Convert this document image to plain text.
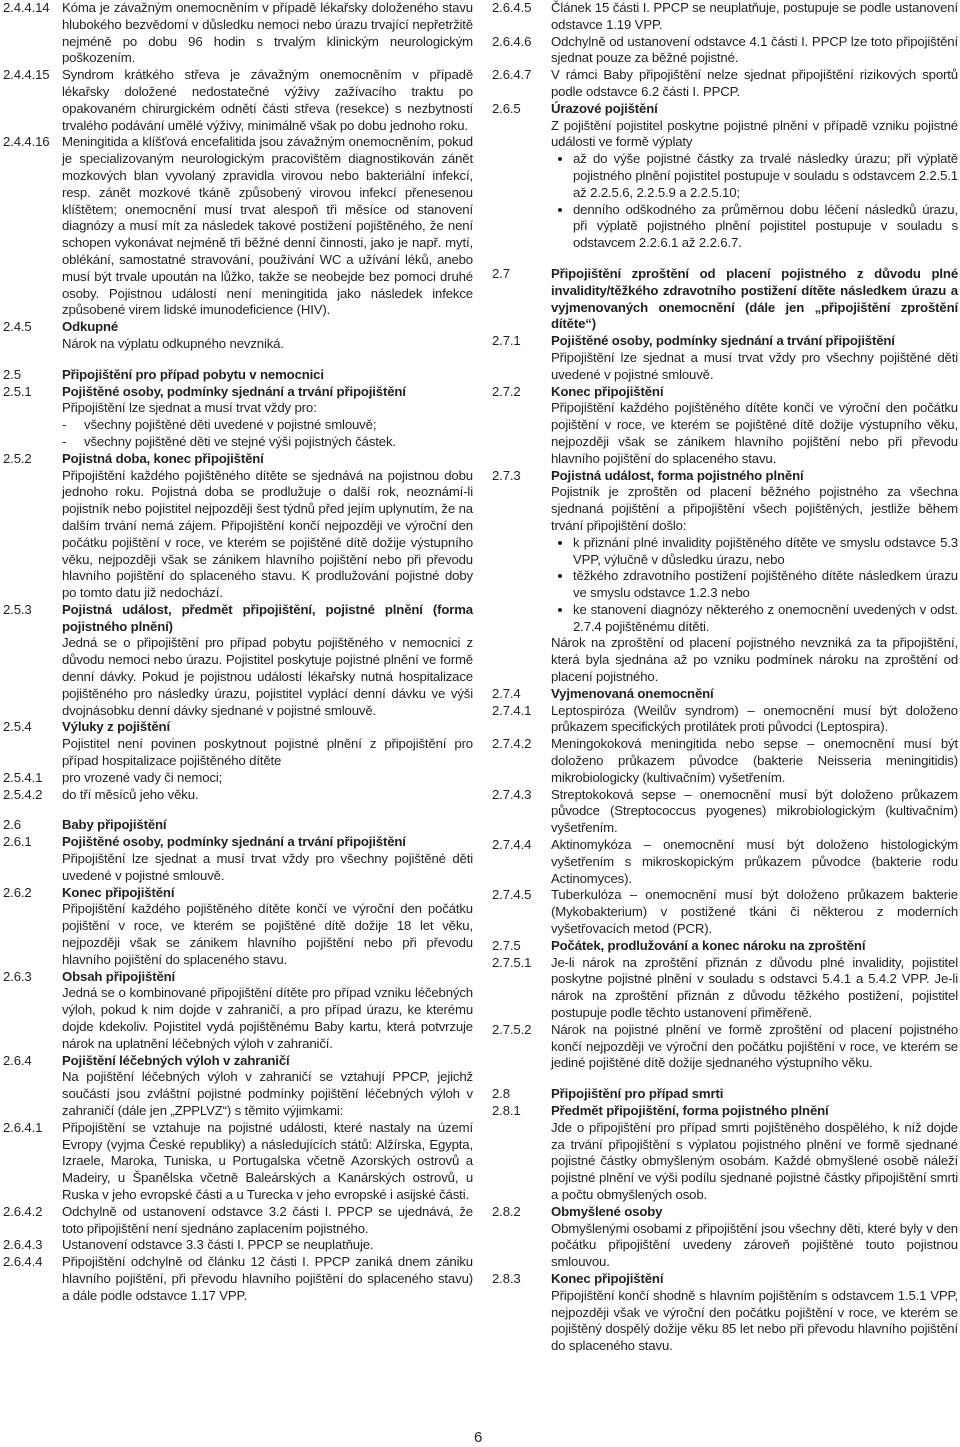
2.4.4.14 Kóma je závažným onemocněním v případě lékařsky doloženého stavu hlubokého bezvědomí v důsledku nemoci nebo úrazu trvající nepřetržitě nejméně po dobu 96 hodin s trvalým klinickým neurologickým poškozením.
2.4.4.15 Syndrom krátkého střeva je závažným onemocněním v případě lékařsky doložené nedostatečné výživy zažívacího traktu po opakovaném chirurgickém odnětí části střeva (resekce) s nezbytností trvalého podávání umělé výživy, minimálně však po dobu jednoho roku.
2.4.4.16 Meningitida a klíšťová encefalitida jsou závažným onemocněním, pokud je specializovaným neurologickým pracovištěm diagnostikován zánět mozkových blan vyvolaný zpravidla virovou nebo bakteriální infekcí, resp. zánět mozkové tkáně způsobený virovou infekcí přenesenou klíštětem; onemocnění musí trvat alespoň tři měsíce od stanovení diagnózy a musí mít za následek takové postižení pojištěného, že není schopen vykonávat nejméně tři běžné denní činnosti, jako je např. mytí, oblékání, samostatné stravování, používání WC a užívání léků, anebo musí být trvale upoután na lůžko, takže se neobejde bez pomoci druhé osoby. Pojistnou událostí není meningitida jako následek infekce způsobené virem lidské imunodeficience (HIV).
2.4.5	Odkupné
Nárok na výplatu odkupného nevzniká.
2.5	Připojištění pro případ pobytu v nemocnici
2.5.1	Pojištěné osoby, podmínky sjednání a trvání připojištění
Připojištění lze sjednat a musí trvat vždy pro:
- všechny pojištěné děti uvedené v pojistné smlouvě;
- všechny pojištěné děti ve stejné výši pojistných částek.
2.5.2	Pojistná doba, konec připojištění
Připojištění každého pojištěného dítěte se sjednává na pojistnou dobu jednoho roku. Pojistná doba se prodlužuje o další rok, neoznámí-li pojistník nebo pojistitel nejpozději šest týdnů před jejím uplynutím, že na dalším trvání nemá zájem. Připojištění končí nejpozději ve výroční den počátku pojištění v roce, ve kterém se pojištěné dítě dožije výstupního věku, nejpozději však se zánikem hlavního pojištění nebo při převodu hlavního pojištění do splaceného stavu. K prodlužování pojistné doby po tomto datu již nedochází.
2.5.3	Pojistná událost, předmět připojištění, pojistné plnění (forma pojistného plnění)
Jedná se o připojištění pro případ pobytu pojištěného v nemocnici z důvodu nemoci nebo úrazu. Pojistitel poskytuje pojistné plnění ve formě denní dávky. Pokud je pojistnou událostí lékařsky nutná hospitalizace pojištěného pro následky úrazu, pojistitel vyplácí denní dávku ve výši dvojnásobku denní dávky sjednané v pojistné smlouvě.
2.5.4	Výluky z pojištění
Pojistitel není povinen poskytnout pojistné plnění z připojištění pro případ hospitalizace pojištěného dítěte
2.5.4.1	pro vrozené vady či nemoci;
2.5.4.2	do tří měsíců jeho věku.
2.6	Baby připojištění
2.6.1	Pojištěné osoby, podmínky sjednání a trvání připojištění
Připojištění lze sjednat a musí trvat vždy pro všechny pojištěné děti uvedené v pojistné smlouvě.
2.6.2	Konec připojištění
Připojištění každého pojištěného dítěte končí ve výroční den počátku pojištění v roce, ve kterém se pojištěné dítě dožije 18 let věku, nejpozději však se zánikem hlavního pojištění nebo při převodu hlavního pojištění do splaceného stavu.
2.6.3	Obsah připojištění
Jedná se o kombinované připojištění dítěte pro případ vzniku léčebných výloh, pokud k nim dojde v zahraničí, a pro případ úrazu, ke kterému dojde kdekoliv. Pojistitel vydá pojištěnému Baby kartu, která potvrzuje nárok na uplatnění léčebných výloh v zahraničí.
2.6.4	Pojištění léčebných výloh v zahraničí
Na pojištění léčebných výloh v zahraničí se vztahují PPCP, jejichž součástí jsou zvláštní pojistné podmínky pojištění léčebných výloh v zahraničí (dále jen „ZPPLVZ“) s těmito výjimkami:
2.6.4.1	Připojištění se vztahuje na pojistné události, které nastaly na území Evropy (vyjma České republiky) a následujících států: Alžírska, Egypta, Izraele, Maroka, Tuniska, u Portugalska včetně Azorských ostrovů a Madeiry, u Španělska včetně Baleárských a Kanárských ostrovů, u Ruska v jeho evropské části a u Turecka v jeho evropské i asijské části.
2.6.4.2	Odchylně od ustanovení odstavce 3.2 části I. PPCP se ujednává, že toto připojištění není sjednáno zaplacením pojistného.
2.6.4.3	Ustanovení odstavce 3.3 části I. PPCP se neuplatňuje.
2.6.4.4	Připojištění odchylně od článku 12 části I. PPCP zaniká dnem zániku hlavního pojištění, při převodu hlavního pojištění do splaceného stavu) a dále podle odstavce 1.17 VPP.
2.6.4.5	Článek 15 části I. PPCP se neuplatňuje, postupuje se podle ustanovení odstavce 1.19 VPP.
2.6.4.6	Odchylně od ustanovení odstavce 4.1 části I. PPCP lze toto připojištění sjednat pouze za běžné pojistné.
2.6.4.7	V rámci Baby připojištění nelze sjednat připojištění rizikových sportů podle odstavce 6.2 části I. PPCP.
2.6.5	Úrazové pojištění
Z pojištění pojistitel poskytne pojistné plnění v případě vzniku pojistné události ve formě výplaty
• až do výše pojistné částky za trvalé následky úrazu; při výplatě pojistného plnění pojistitel postupuje v souladu s odstavcem 2.2.5.1 až 2.2.5.6, 2.2.5.9 a 2.2.5.10;
• denního odškodného za průměrnou dobu léčení následků úrazu, při výplatě pojistného plnění pojistitel postupuje v souladu s odstavcem 2.2.6.1 až 2.2.6.7.
2.7	Připojištění zproštění od placení pojistného z důvodu plné invalidity/těžkého zdravotního postižení dítěte následkem úrazu a vyjmenovaných onemocnění (dále jen „připojištění zproštění dítěte“)
2.7.1	Pojištěné osoby, podmínky sjednání a trvání připojištění
Připojištění lze sjednat a musí trvat vždy pro všechny pojištěné děti uvedené v pojistné smlouvě.
2.7.2	Konec připojištění
Připojištění každého pojištěného dítěte končí ve výroční den počátku pojištění v roce, ve kterém se pojištěné dítě dožije výstupního věku, nejpozději však se zánikem hlavního pojištění nebo při převodu hlavního pojištění do splaceného stavu.
2.7.3	Pojistná událost, forma pojistného plnění
Pojistník je zproštěn od placení běžného pojistného za všechna sjednaná pojištění a připojištění všech pojištěných, jestliže během trvání připojištění došlo:
• k přiznání plné invalidity pojištěného dítěte ve smyslu odstavce 5.3 VPP, výlučně v důsledku úrazu, nebo
• těžkého zdravotního postižení pojištěného dítěte následkem úrazu ve smyslu odstavce 1.2.3 nebo
• ke stanovení diagnózy některého z onemocnění uvedených v odst. 2.7.4 pojištěnému dítěti.
Nárok na zproštění od placení pojistného nevzniká za ta připojištění, která byla sjednána až po vzniku podmínek nároku na zproštění od placení pojistného.
2.7.4	Vyjmenovaná onemocnění
2.7.4.1	Leptospiróza (Weilův syndrom) – onemocnění musí být doloženo průkazem specifických protilátek proti původci (Leptospira).
2.7.4.2	Meningokoková meningitida nebo sepse – onemocnění musí být doloženo průkazem původce (bakterie Neisseria meningitidis) mikrobiologicky (kultivačním) vyšetřením.
2.7.4.3	Streptokoková sepse – onemocnění musí být doloženo průkazem původce (Streptococcus pyogenes) mikrobiologickým (kultivačním) vyšetřením.
2.7.4.4	Aktinomykóza – onemocnění musí být doloženo histologickým vyšetřením s mikroskopickým průkazem původce (bakterie rodu Actinomyces).
2.7.4.5	Tuberkulóza – onemocnění musí být doloženo průkazem bakterie (Mykobakterium) v postižené tkáni či některou z moderních vyšetřovacích metod (PCR).
2.7.5	Počátek, prodlužování a konec nároku na zproštění
2.7.5.1	Je-li nárok na zproštění přiznán z důvodu plné invalidity, pojistitel poskytne pojistné plnění v souladu s odstavci 5.4.1 a 5.4.2 VPP. Je-li nárok na zproštění přiznán z důvodu těžkého postižení, pojistitel postupuje podle těchto ustanovení přiměřeně.
2.7.5.2	Nárok na pojistné plnění ve formě zproštění od placení pojistného končí nejpozději ve výroční den počátku pojištění v roce, ve kterém se jediné pojištěné dítě dožije sjednaného výstupního věku.
2.8	Připojištění pro případ smrti
2.8.1	Předmět připojištění, forma pojistného plnění
Jde o připojištění pro případ smrti pojištěného dospělého, k níž dojde za trvání připojištění s výplatou pojistného plnění ve formě sjednané pojistné částky obmyšleným osobám. Každé obmyšlené osobě náleží pojistné plnění ve výši podílu sjednané pojistné částky připojištění smrti a počtu obmyšlených osob.
2.8.2	Obmyšlené osoby
Obmyšlenými osobami z připojištění jsou všechny děti, které byly v den počátku připojištění uvedeny zároveň pojištěné touto pojistnou smlouvou.
2.8.3	Konec připojištění
Připojištění končí shodně s hlavním pojištěním s odstavcem 1.5.1 VPP, nejpozději však ve výroční den počátku pojištění v roce, ve kterém se pojištěný dospělý dožije věku 85 let nebo při převodu hlavního pojištění do splaceného stavu.
6
